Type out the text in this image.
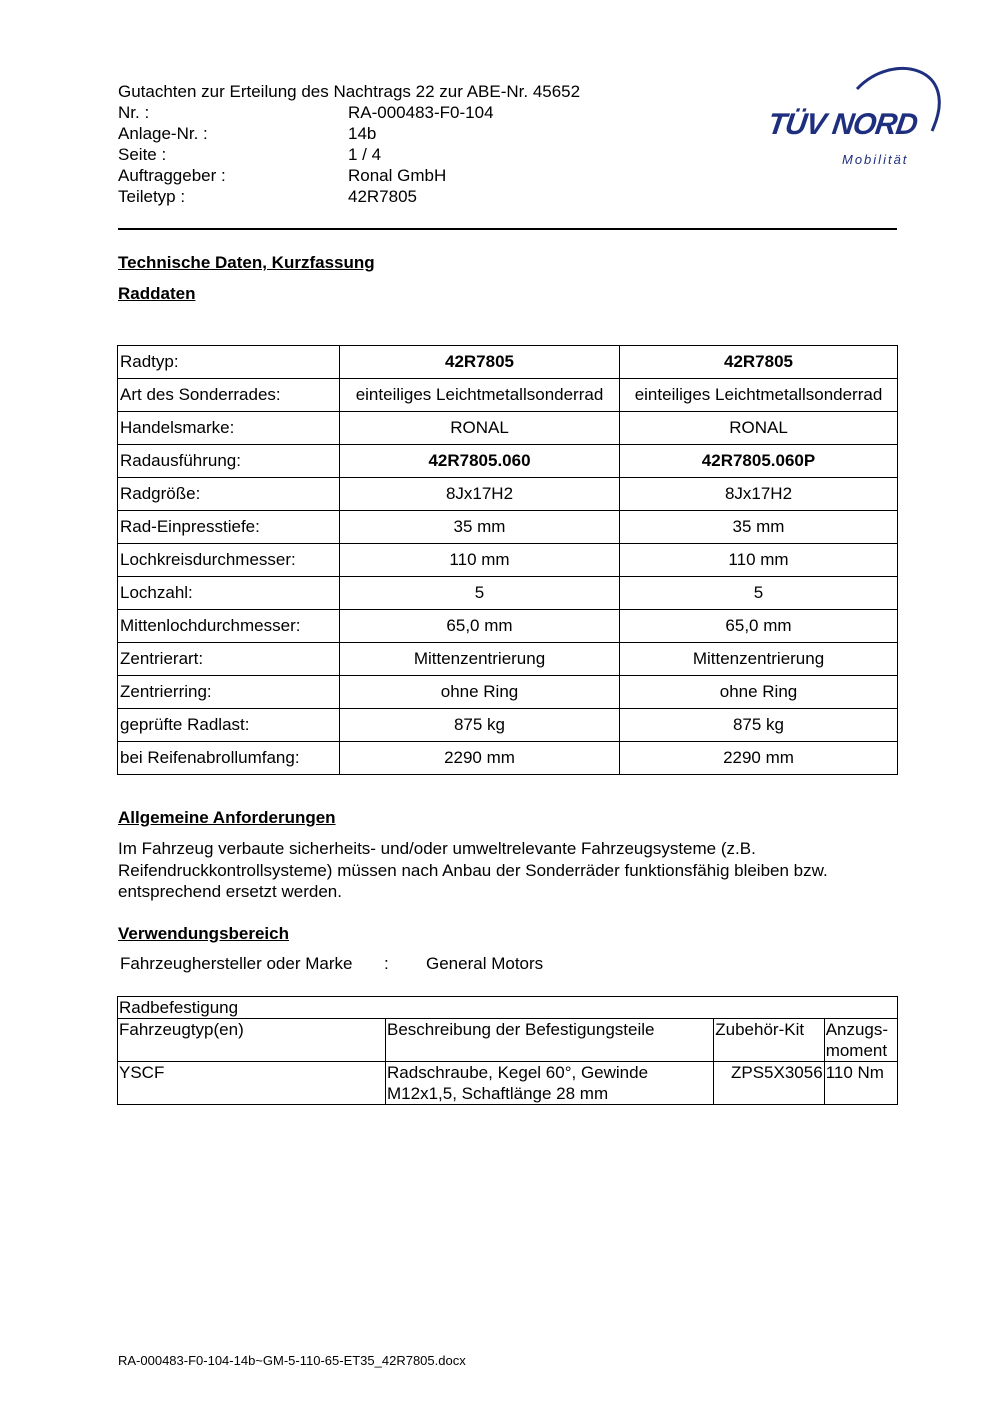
Gutachten zur Erteilung des Nachtrags 22 zur ABE-Nr. 45652
Nr. :	RA-000483-F0-104
Anlage-Nr. :	14b
Seite :	1 / 4
Auftraggeber :	Ronal GmbH
Teiletyp :	42R7805
TÜV NORD
Mobilität
Technische Daten, Kurzfassung
Raddaten
Radtyp:	42R7805	42R7805
Art des Sonderrades:	einteiliges Leichtmetallsonderrad	einteiliges Leichtmetallsonderrad
Handelsmarke:	RONAL	RONAL
Radausführung:	42R7805.060	42R7805.060P
Radgröße:	8Jx17H2	8Jx17H2
Rad-Einpresstiefe:	35 mm	35 mm
Lochkreisdurchmesser:	110 mm	110 mm
Lochzahl:	5	5
Mittenlochdurchmesser:	65,0 mm	65,0 mm
Zentrierart:	Mittenzentrierung	Mittenzentrierung
Zentrierring:	ohne Ring	ohne Ring
geprüfte Radlast:	875 kg	875 kg
bei Reifenabrollumfang:	2290 mm	2290 mm
Allgemeine Anforderungen
Im Fahrzeug verbaute sicherheits- und/oder umweltrelevante Fahrzeugsysteme (z.B. Reifendruckkontrollsysteme) müssen nach Anbau der Sonderräder funktionsfähig bleiben bzw. entsprechend ersetzt werden.
Verwendungsbereich
Fahrzeughersteller oder Marke : General Motors
Radbefestigung			
Fahrzeugtyp(en)	Beschreibung der Befestigungsteile	Zubehör-Kit	Anzugs-
moment
YSCF	Radschraube, Kegel 60°, Gewinde M12x1,5, Schaftlänge 28 mm	ZPS5X3056	110 Nm
RA-000483-F0-104-14b~GM-5-110-65-ET35_42R7805.docx
